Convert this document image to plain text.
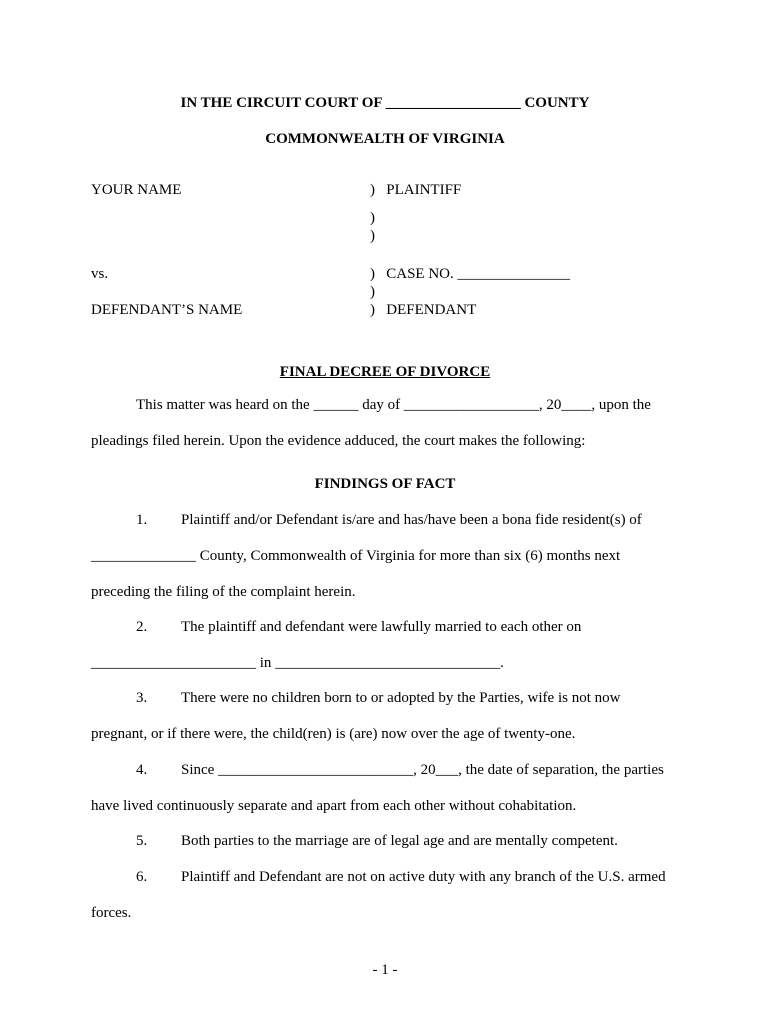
IN THE CIRCUIT COURT OF __________________ COUNTY
COMMONWEALTH OF VIRGINIA
YOUR NAME	)   PLAINTIFF
)
)
vs.	)   CASE NO. _______________
)
DEFENDANT’S NAME	)   DEFENDANT
FINAL DECREE OF DIVORCE
This matter was heard on the ______ day of __________________, 20____, upon the
pleadings filed herein. Upon the evidence adduced, the court makes the following:
FINDINGS OF FACT
1. Plaintiff and/or Defendant is/are and has/have been a bona fide resident(s) of
______________ County, Commonwealth of Virginia for more than six (6) months next
preceding the filing of the complaint herein.
2. The plaintiff and defendant were lawfully married to each other on
______________________ in ______________________________.
3. There were no children born to or adopted by the Parties, wife is not now
pregnant, or if there were, the child(ren) is (are) now over the age of twenty-one.
4. Since __________________________, 20___, the date of separation, the parties
have lived continuously separate and apart from each other without cohabitation.
5. Both parties to the marriage are of legal age and are mentally competent.
6. Plaintiff and Defendant are not on active duty with any branch of the U.S. armed
forces.
- 1 -
